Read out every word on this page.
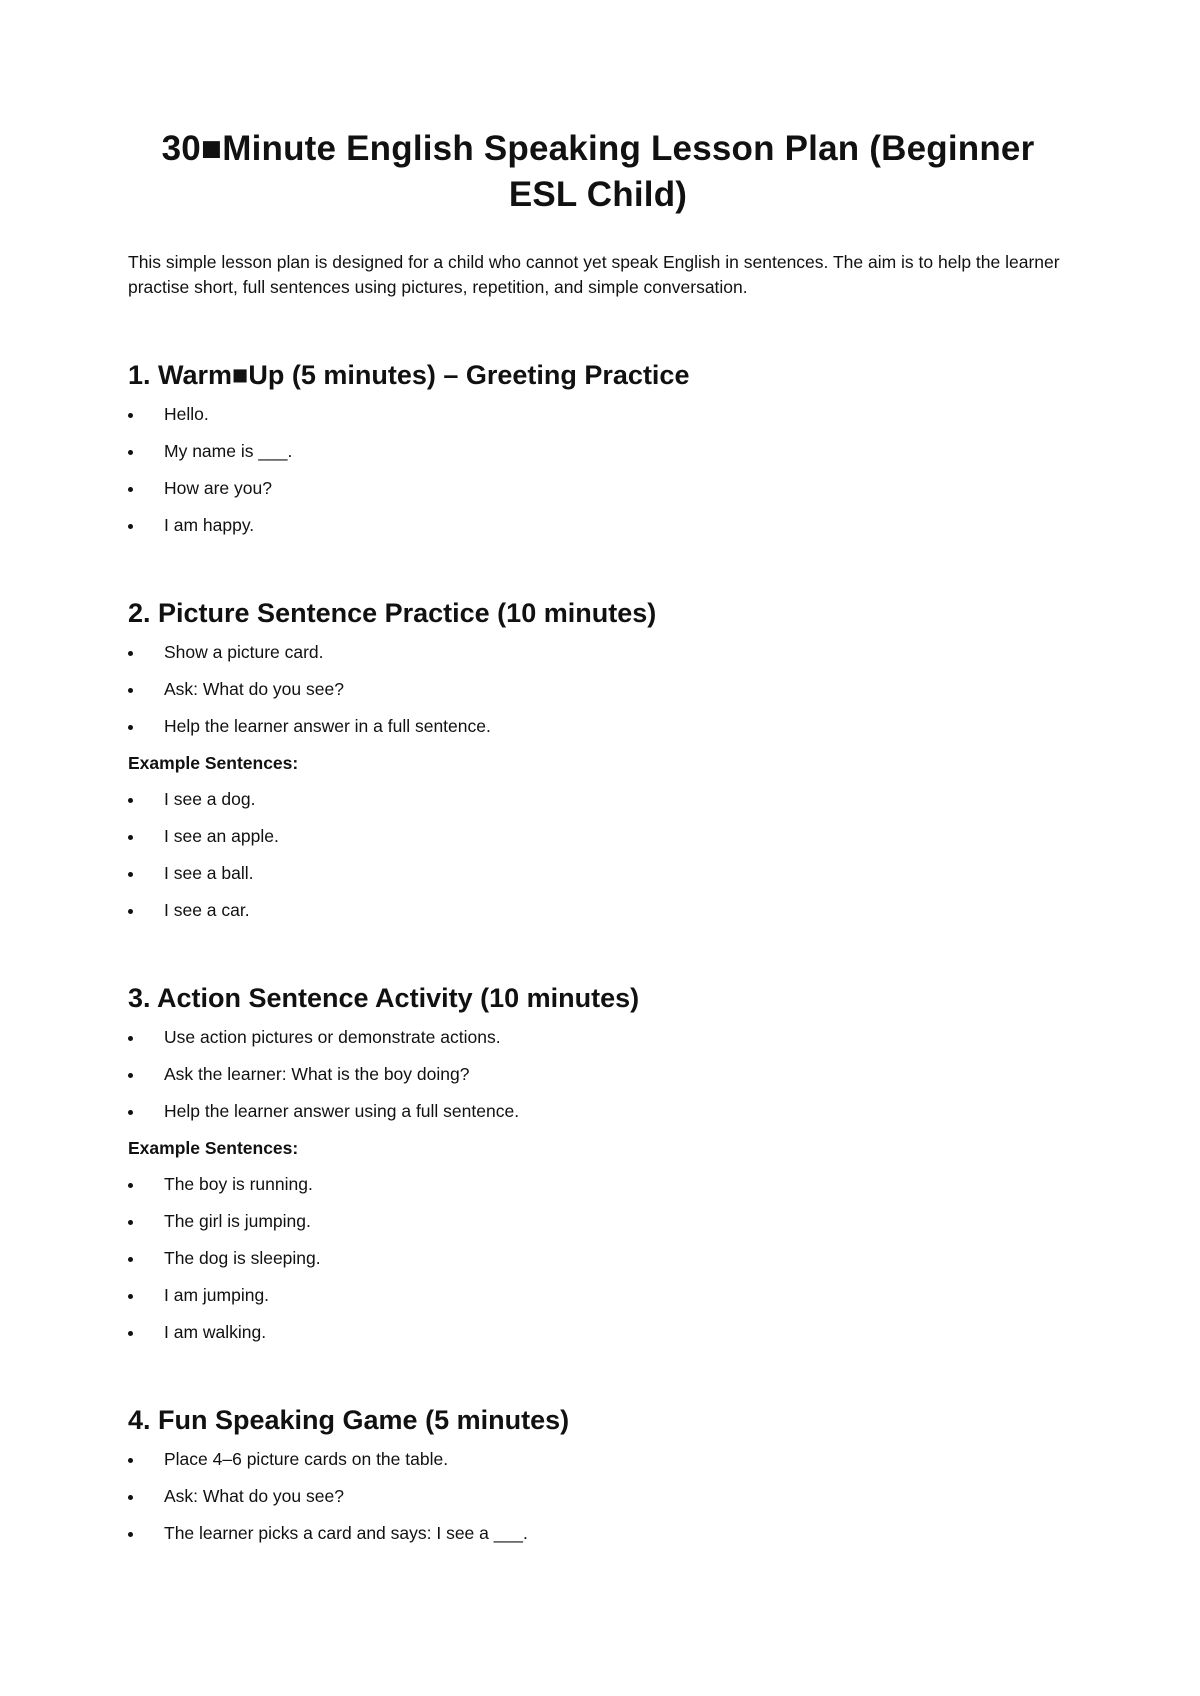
30■Minute English Speaking Lesson Plan (Beginner ESL Child)

This simple lesson plan is designed for a child who cannot yet speak English in sentences. The aim is to help the learner practise short, full sentences using pictures, repetition, and simple conversation.

1. Warm■Up (5 minutes) – Greeting Practice
Hello.
My name is ___.
How are you?
I am happy.
2. Picture Sentence Practice (10 minutes)
Show a picture card.
Ask: What do you see?
Help the learner answer in a full sentence.

Example Sentences:

I see a dog.
I see an apple.
I see a ball.
I see a car.
3. Action Sentence Activity (10 minutes)
Use action pictures or demonstrate actions.
Ask the learner: What is the boy doing?
Help the learner answer using a full sentence.

Example Sentences:

The boy is running.
The girl is jumping.
The dog is sleeping.
I am jumping.
I am walking.
4. Fun Speaking Game (5 minutes)
Place 4–6 picture cards on the table.
Ask: What do you see?
The learner picks a card and says: I see a ___.
